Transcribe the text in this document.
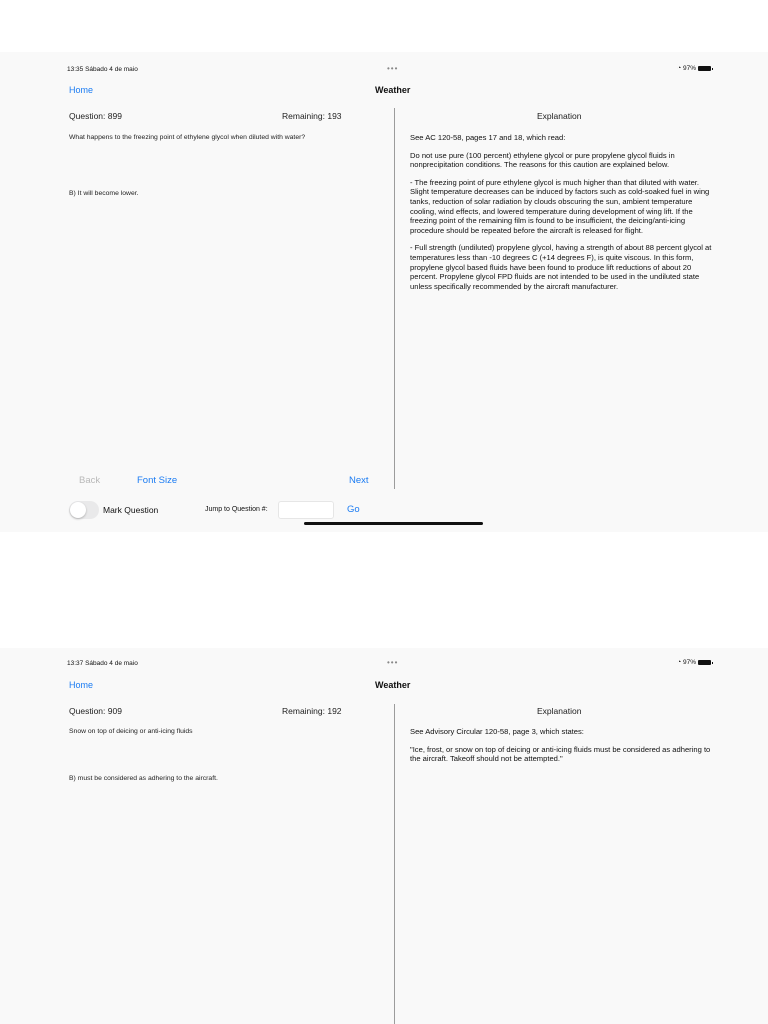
13:35 Sábado 4 de maio	•••	◔ 97%
Home	Weather
Question: 899	Remaining: 193
What happens to the freezing point of ethylene glycol when diluted with water?
B) It will become lower.
Explanation

See AC 120-58, pages 17 and 18, which read:

Do not use pure (100 percent) ethylene glycol or pure propylene glycol fluids in nonprecipitation conditions. The reasons for this caution are explained below.

- The freezing point of pure ethylene glycol is much higher than that diluted with water. Slight temperature decreases can be induced by factors such as cold-soaked fuel in wing tanks, reduction of solar radiation by clouds obscuring the sun, ambient temperature cooling, wind effects, and lowered temperature during development of wing lift. If the freezing point of the remaining film is found to be insufficient, the deicing/anti-icing procedure should be repeated before the aircraft is released for flight.

- Full strength (undiluted) propylene glycol, having a strength of about 88 percent glycol at temperatures less than -10 degrees C (+14 degrees F), is quite viscous. In this form, propylene glycol based fluids have been found to produce lift reductions of about 20 percent. Propylene glycol FPD fluids are not intended to be used in the undiluted state unless specifically recommended by the aircraft manufacturer.

Back	Font Size	Next
Mark Question	Jump to Question #:	Go
13:37 Sábado 4 de maio	•••	◔ 97%
Home	Weather
Question: 909	Remaining: 192
Snow on top of deicing or anti-icing fluids
B) must be considered as adhering to the aircraft.
Explanation

See Advisory Circular 120-58, page 3, which states:

"Ice, frost, or snow on top of deicing or anti-icing fluids must be considered as adhering to the aircraft. Takeoff should not be attempted."
